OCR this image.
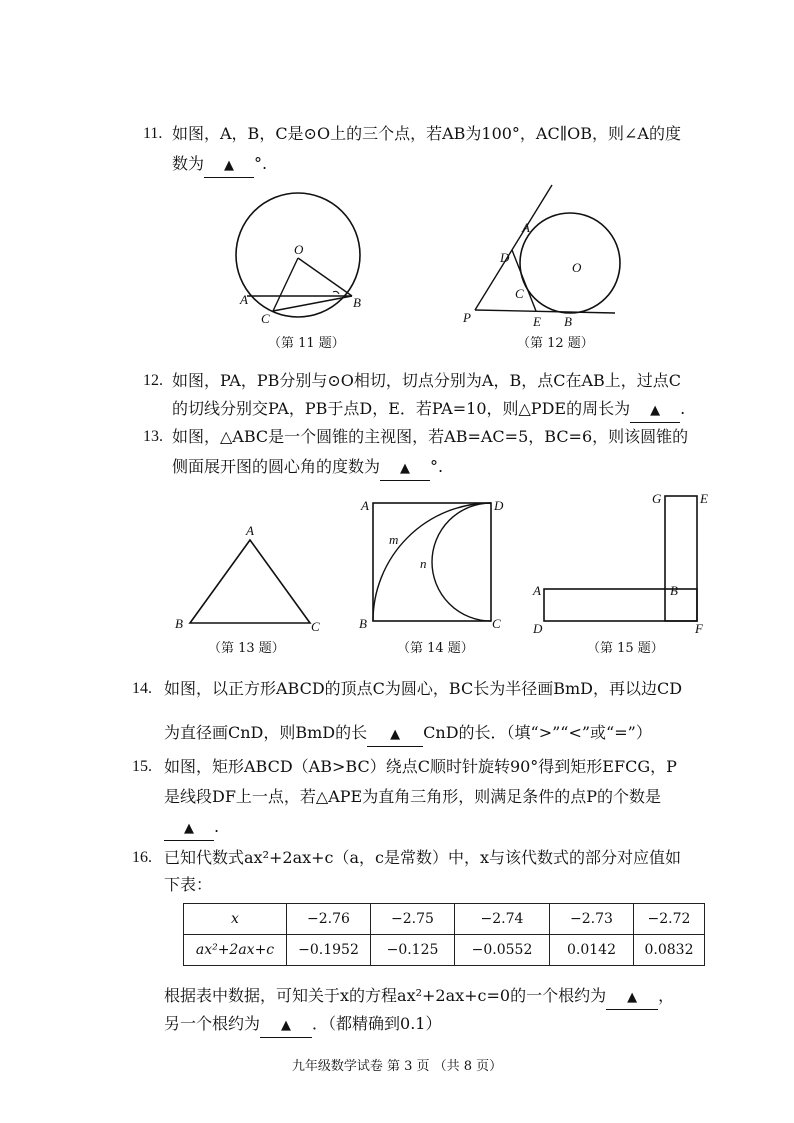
11. 如图，A，B，C是⊙O上的三个点，若AB为100°，AC∥OB，则∠A的度
数为 ▲ °.
O
A	B
C
（第 11 题）
A
D
O
C
P	E B
（第 12 题）
12. 如图，PA，PB分别与⊙O相切，切点分别为A，B，点C在AB上，过点C
的切线分别交PA，PB于点D，E．若PA=10，则△PDE的周长为 ▲ .
13. 如图，△ABC是一个圆锥的主视图，若AB=AC=5，BC=6，则该圆锥的
侧面展开图的圆心角的度数为 ▲ °.
A
B	C
（第 13 题）
A	D
m
n
B	C
（第 14 题）
G	E
A	B
D	F
（第 15 题）
14. 如图，以正方形ABCD的顶点C为圆心，BC长为半径画BmD，再以边CD
为直径画CnD，则BmD的长 ▲ CnD的长．（填“>”“<”或“=”）
15. 如图，矩形ABCD（AB>BC）绕点C顺时针旋转90°得到矩形EFCG，P
是线段DF上一点，若△APE为直角三角形，则满足条件的点P的个数是
▲ .
16. 已知代数式ax²+2ax+c（a，c是常数）中，x与该代数式的部分对应值如
下表：
x	−2.76	−2.75	−2.74	−2.73	−2.72
ax²+2ax+c	−0.1952	−0.125	−0.0552	0.0142	0.0832
根据表中数据，可知关于x的方程ax²+2ax+c=0的一个根约为 ▲ ，
另一个根约为 ▲ ．（都精确到0.1）
九年级数学试卷 第 3 页 （共 8 页）
